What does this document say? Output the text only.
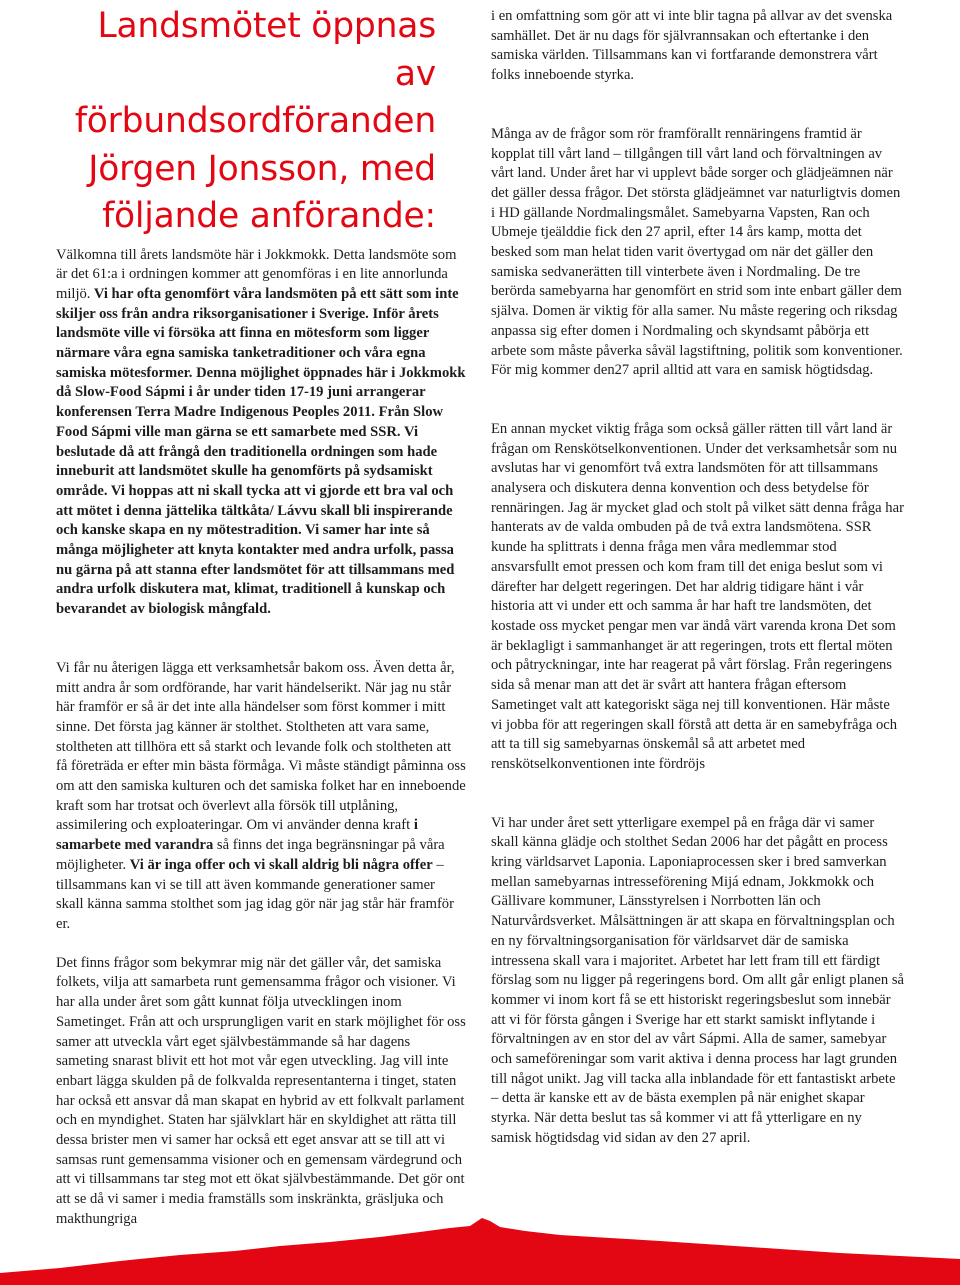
Landsmötet öppnas av förbundsordföranden Jörgen Jonsson, med följande anförande:

Välkomna till årets landsmöte här i Jokkmokk. Detta landsmöte som är det 61:a i ordningen kommer att genomföras i en lite annorlunda miljö. Vi har ofta genomfört våra landsmöten på ett sätt som inte skiljer oss från andra riksorganisationer i Sverige. Inför årets landsmöte ville vi försöka att finna en mötesform som ligger närmare våra egna samiska tanketraditioner och våra egna samiska mötesformer. Denna möjlighet öppnades här i Jokkmokk då Slow-Food Sápmi i år under tiden 17-19 juni arrangerar konferensen Terra Madre Indigenous Peoples 2011. Från Slow Food Sápmi ville man gärna se ett samarbete med SSR. Vi beslutade då att frångå den traditionella ordningen som hade inneburit att landsmötet skulle ha genomförts på sydsamiskt område. Vi hoppas att ni skall tycka att vi gjorde ett bra val och att mötet i denna jättelika tältkåta/ Lávvu skall bli inspirerande och kanske skapa en ny mötestradition. Vi samer har inte så många möjligheter att knyta kontakter med andra urfolk, passa nu gärna på att stanna efter landsmötet för att tillsammans med andra urfolk diskutera mat, klimat, traditionell å kunskap och bevarandet av biologisk mångfald.

Vi får nu återigen lägga ett verksamhetsår bakom oss. Även detta år, mitt andra år som ordförande, har varit händelserikt. När jag nu står här framför er så är det inte alla händelser som först kommer i mitt sinne. Det första jag känner är stolthet. Stoltheten att vara same, stoltheten att tillhöra ett så starkt och levande folk och stoltheten att få företräda er efter min bästa förmåga. Vi måste ständigt påminna oss om att den samiska kulturen och det samiska folket har en inneboende kraft som har trotsat och överlevt alla försök till utplåning, assimilering och exploateringar. Om vi använder denna kraft i samarbete med varandra så finns det inga begränsningar på våra möjligheter. Vi är inga offer och vi skall aldrig bli några offer – tillsammans kan vi se till att även kommande generationer samer skall känna samma stolthet som jag idag gör när jag står här framför er.

Det finns frågor som bekymrar mig när det gäller vår, det samiska folkets, vilja att samarbeta runt gemensamma frågor och visioner. Vi har alla under året som gått kunnat följa utvecklingen inom Sametinget. Från att och ursprungligen varit en stark möjlighet för oss samer att utveckla vårt eget självbestämmande så har dagens sameting snarast blivit ett hot mot vår egen utveckling. Jag vill inte enbart lägga skulden på de folkvalda representanterna i tinget, staten har också ett ansvar då man skapat en hybrid av ett folkvalt parlament och en myndighet. Staten har självklart här en skyldighet att rätta till dessa brister men vi samer har också ett eget ansvar att se till att vi samsas runt gemensamma visioner och en gemensam värdegrund och att vi tillsammans tar steg mot ett ökat självbestämmande. Det gör ont att se då vi samer i media framställs som inskränkta, gräsljuka och makthungriga

i en omfattning som gör att vi inte blir tagna på allvar av det svenska samhället. Det är nu dags för självrannsakan och eftertanke i den samiska världen. Tillsammans kan vi fortfarande demonstrera vårt folks inneboende styrka.

Många av de frågor som rör framförallt rennäringens framtid är kopplat till vårt land – tillgången till vårt land och förvaltningen av vårt land. Under året har vi upplevt både sorger och glädjeämnen när det gäller dessa frågor. Det största glädjeämnet var naturligtvis domen i HD gällande Nordmalingsmålet. Samebyarna Vapsten, Ran och Ubmeje tjeälddie fick den 27 april, efter 14 års kamp, motta det besked som man helat tiden varit övertygad om när det gäller den samiska sedvanerätten till vinterbete även i Nordmaling. De tre berörda samebyarna har genomfört en strid som inte enbart gäller dem själva. Domen är viktig för alla samer. Nu måste regering och riksdag anpassa sig efter domen i Nordmaling och skyndsamt påbörja ett arbete som måste påverka såväl lagstiftning, politik som konventioner. För mig kommer den27 april alltid att vara en samisk högtidsdag.

En annan mycket viktig fråga som också gäller rätten till vårt land är frågan om Renskötselkonventionen. Under det verksamhetsår som nu avslutas har vi genomfört två extra landsmöten för att tillsammans analysera och diskutera denna konvention och dess betydelse för rennäringen. Jag är mycket glad och stolt på vilket sätt denna fråga har hanterats av de valda ombuden på de två extra landsmötena. SSR kunde ha splittrats i denna fråga men våra medlemmar stod ansvarsfullt emot pressen och kom fram till det eniga beslut som vi därefter har delgett regeringen. Det har aldrig tidigare hänt i vår historia att vi under ett och samma år har haft tre landsmöten, det kostade oss mycket pengar men var ändå värt varenda krona Det som är beklagligt i sammanhanget är att regeringen, trots ett flertal möten och påtryckningar, inte har reagerat på vårt förslag. Från regeringens sida så menar man att det är svårt att hantera frågan eftersom Sametinget valt att kategoriskt säga nej till konventionen. Här måste vi jobba för att regeringen skall förstå att detta är en samebyfråga och att ta till sig samebyarnas önskemål så att arbetet med renskötselkonventionen inte fördröjs

Vi har under året sett ytterligare exempel på en fråga där vi samer skall känna glädje och stolthet Sedan 2006 har det pågått en process kring världsarvet Laponia. Laponiaprocessen sker i bred samverkan mellan samebyarnas intresseförening Mijá ednam, Jokkmokk och Gällivare kommuner, Länsstyrelsen i Norrbotten län och Naturvårdsverket. Målsättningen är att skapa en förvaltningsplan och en ny förvaltningsorganisation för världsarvet där de samiska intressena skall vara i majoritet. Arbetet har lett fram till ett färdigt förslag som nu ligger på regeringens bord. Om allt går enligt planen så kommer vi inom kort få se ett historiskt regeringsbeslut som innebär att vi för första gången i Sverige har ett starkt samiskt inflytande i förvaltningen av en stor del av vårt Sápmi. Alla de samer, samebyar och sameföreningar som varit aktiva i denna process har lagt grunden till något unikt. Jag vill tacka alla inblandade för ett fantastiskt arbete – detta är kanske ett av de bästa exemplen på när enighet skapar styrka. När detta beslut tas så kommer vi att få ytterligare en ny samisk högtidsdag vid sidan av den 27 april.
